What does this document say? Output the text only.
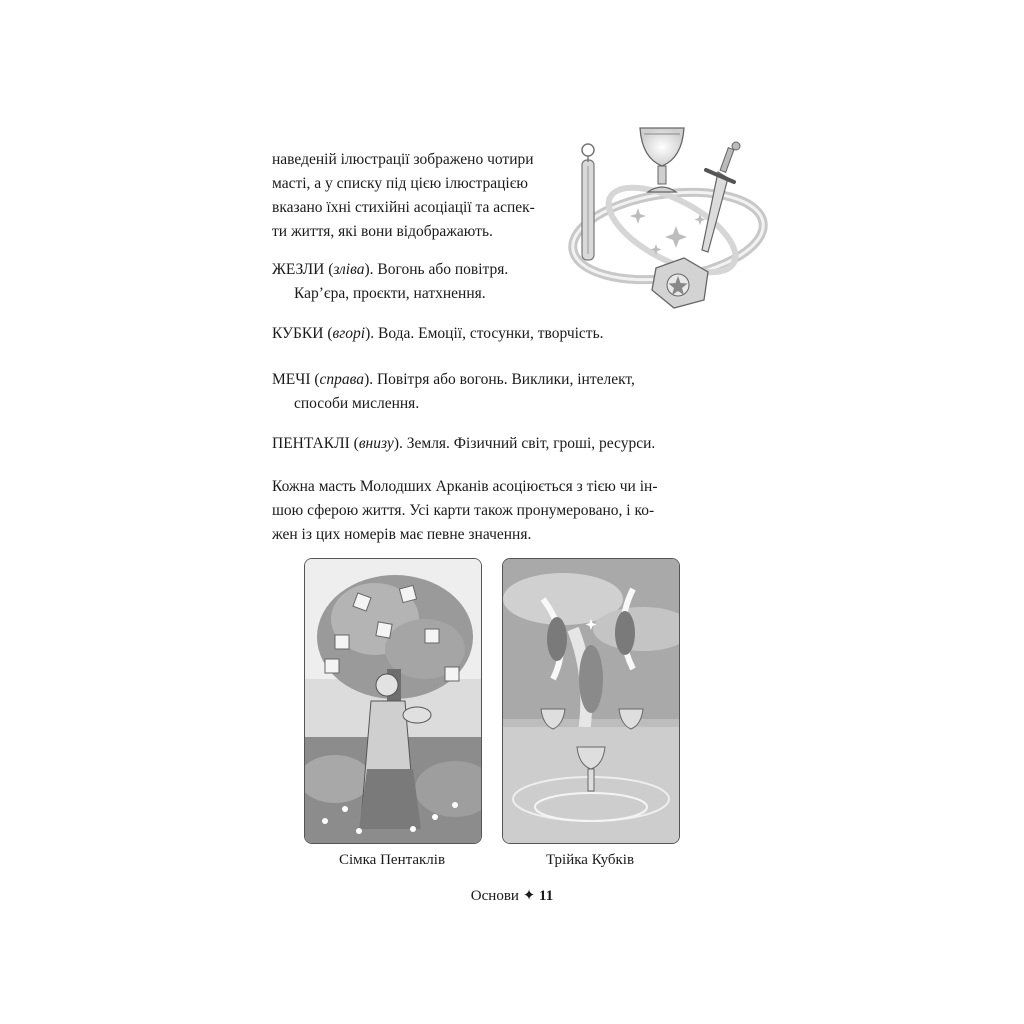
наведеній ілюстрації зображено чотири

масті, а у списку під цією ілюстрацією

вказано їхні стихійні асоціації та аспек-

ти життя, які вони відображають.

ЖЕЗЛИ (зліва). Вогонь або повітря.
Кар’єра, проєкти, натхнення.
КУБКИ (вгорі). Вода. Емоції, стосунки, творчість.
МЕЧІ (справа). Повітря або вогонь. Виклики, інтелект,
способи мислення.
ПЕНТАКЛІ (внизу). Земля. Фізичний світ, гроші, ресурси.
Кожна масть Молодших Арканів асоціюється з тією чи ін-
шою сферою життя. Усі карти також пронумеровано, і ко-
жен із цих номерів має певне значення.
Сімка Пентаклів	Трійка Кубків
Основи ✦ 11
